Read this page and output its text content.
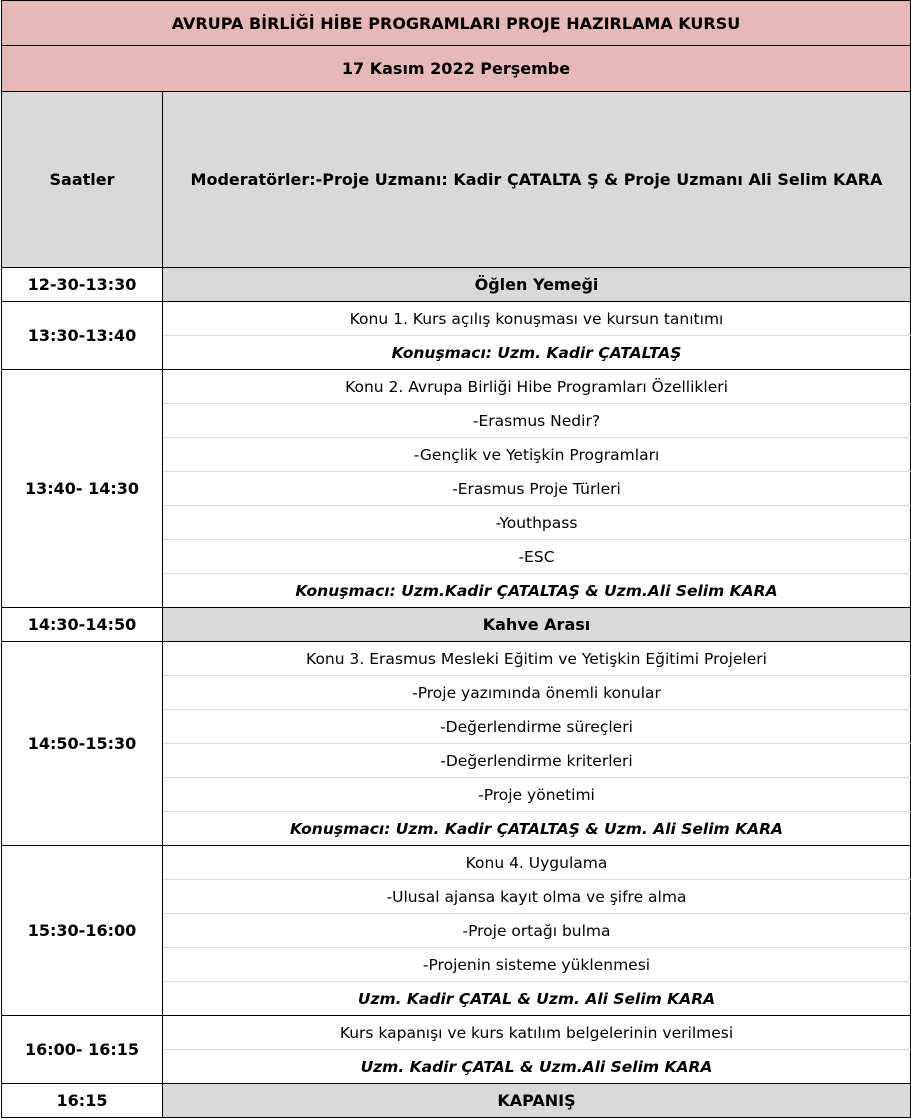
AVRUPA BİRLİĞİ HİBE PROGRAMLARI PROJE HAZIRLAMA KURSU	
17 Kasım 2022 Perşembe	
Saatler	Moderatörler:-Proje Uzmanı: Kadir ÇATALTA Ş & Proje Uzmanı Ali Selim KARA
12-30-13:30	Öğlen Yemeği
13:30-13:40	Konu 1. Kurs açılış konuşması ve kursun tanıtımı
	Konuşmacı: Uzm. Kadir ÇATALTAŞ
13:40- 14:30	Konu 2. Avrupa Birliği Hibe Programları Özellikleri
	-Erasmus Nedir?
	-Gençlik ve Yetişkin Programları
	-Erasmus Proje Türleri
	-Youthpass
	-ESC
	Konuşmacı: Uzm.Kadir ÇATALTAŞ & Uzm.Ali Selim KARA
14:30-14:50	Kahve Arası
14:50-15:30	Konu 3. Erasmus Mesleki Eğitim ve Yetişkin Eğitimi Projeleri
	-Proje yazımında önemli konular
	-Değerlendirme süreçleri
	-Değerlendirme kriterleri
	-Proje yönetimi
	Konuşmacı: Uzm. Kadir ÇATALTAŞ & Uzm. Ali Selim KARA
15:30-16:00	Konu 4. Uygulama
	-Ulusal ajansa kayıt olma ve şifre alma
	-Proje ortağı bulma
	-Projenin sisteme yüklenmesi
	Uzm. Kadir ÇATAL & Uzm. Ali Selim KARA
16:00- 16:15	Kurs kapanışı ve kurs katılım belgelerinin verilmesi
	Uzm. Kadir ÇATAL & Uzm.Ali Selim KARA
16:15	KAPANIŞ
